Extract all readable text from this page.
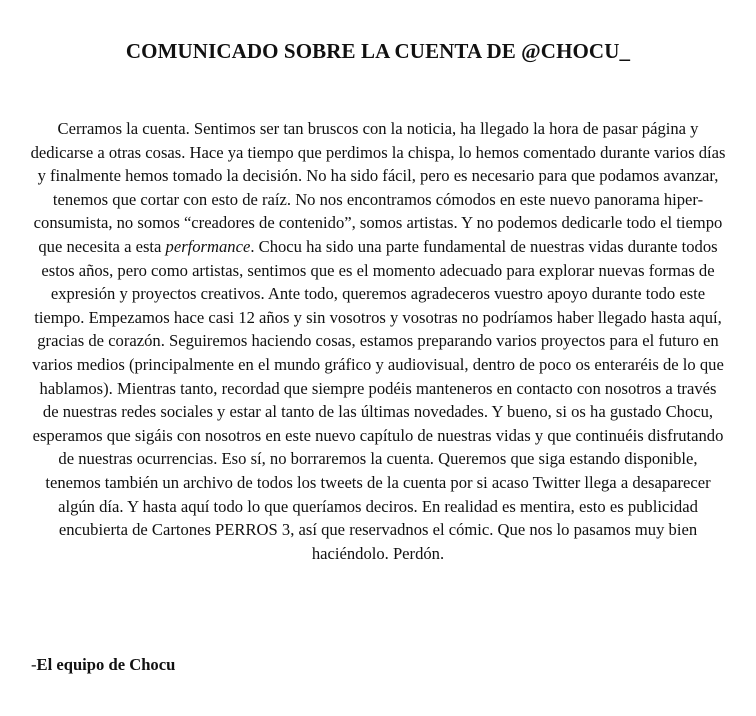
COMUNICADO SOBRE LA CUENTA DE @CHOCU_
Cerramos la cuenta. Sentimos ser tan bruscos con la noticia, ha llegado la hora de pasar página y dedicarse a otras cosas. Hace ya tiempo que perdimos la chispa, lo hemos comentado durante varios días y finalmente hemos tomado la decisión. No ha sido fácil, pero es necesario para que podamos avanzar, tenemos que cortar con esto de raíz. No nos encontramos cómodos en este nuevo panorama hiper-consumista, no somos “creadores de contenido”, somos artistas. Y no podemos dedicarle todo el tiempo que necesita a esta performance. Chocu ha sido una parte fundamental de nuestras vidas durante todos estos años, pero como artistas, sentimos que es el momento adecuado para explorar nuevas formas de expresión y proyectos creativos. Ante todo, queremos agradeceros vuestro apoyo durante todo este tiempo. Empezamos hace casi 12 años y sin vosotros y vosotras no podríamos haber llegado hasta aquí, gracias de corazón. Seguiremos haciendo cosas, estamos preparando varios proyectos para el futuro en varios medios (principalmente en el mundo gráfico y audiovisual, dentro de poco os enteraréis de lo que hablamos). Mientras tanto, recordad que siempre podéis manteneros en contacto con nosotros a través de nuestras redes sociales y estar al tanto de las últimas novedades. Y bueno, si os ha gustado Chocu, esperamos que sigáis con nosotros en este nuevo capítulo de nuestras vidas y que continuéis disfrutando de nuestras ocurrencias. Eso sí, no borraremos la cuenta. Queremos que siga estando disponible, tenemos también un archivo de todos los tweets de la cuenta por si acaso Twitter llega a desaparecer algún día. Y hasta aquí todo lo que queríamos deciros. En realidad es mentira, esto es publicidad encubierta de Cartones PERROS 3, así que reservadnos el cómic. Que nos lo pasamos muy bien haciéndolo. Perdón.
-El equipo de Chocu
